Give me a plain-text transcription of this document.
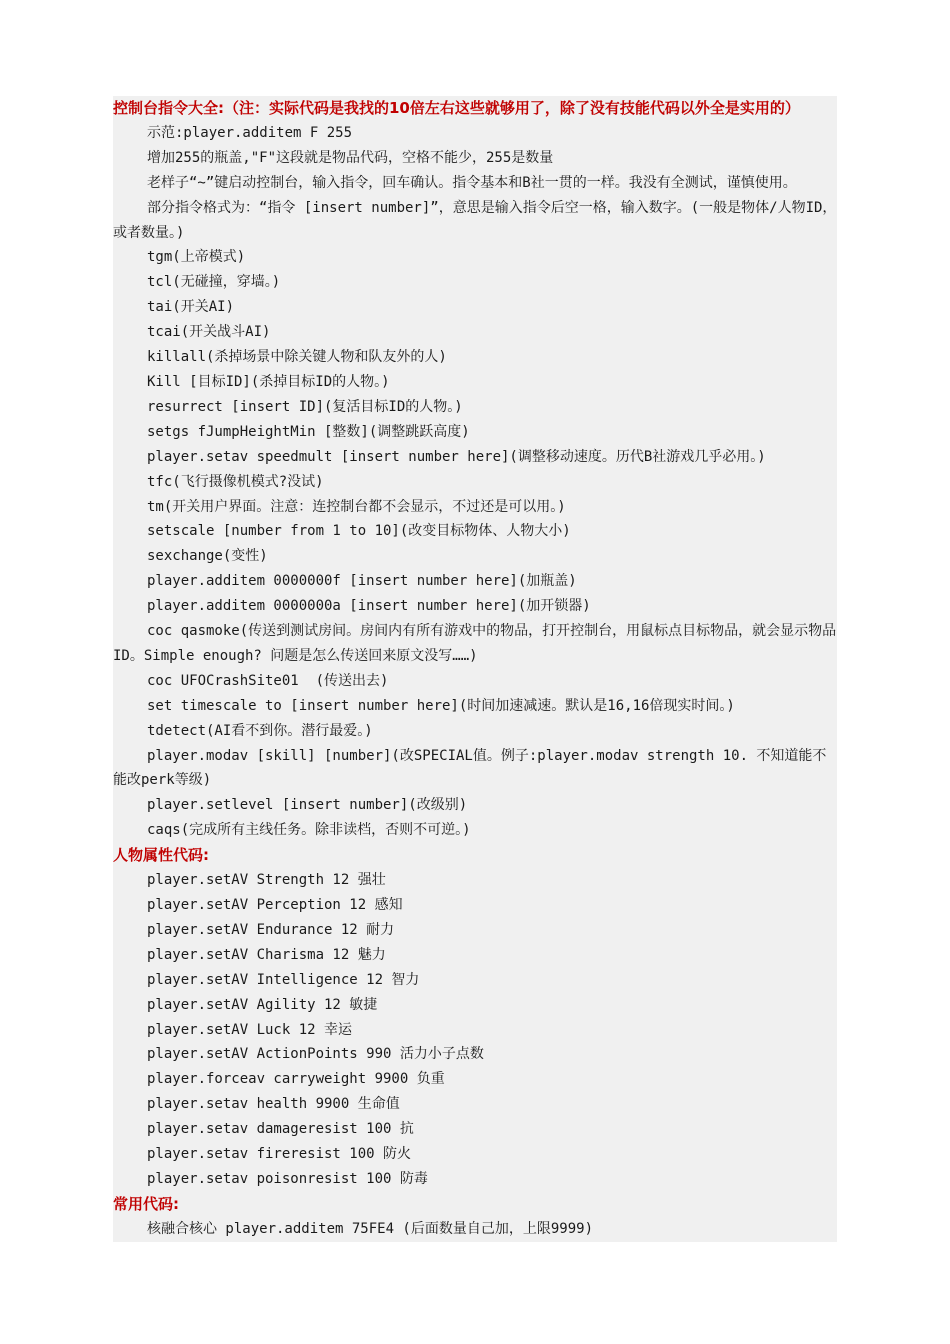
控制台指令大全:（注：实际代码是我找的10倍左右这些就够用了，除了没有技能代码以外全是实用的）
示范:player.additem F 255
增加255的瓶盖,"F"这段就是物品代码，空格不能少，255是数量
老样子“~”键启动控制台，输入指令，回车确认。指令基本和B社一贯的一样。我没有全测试，谨慎使用。
部分指令格式为：“指令 [insert number]”，意思是输入指令后空一格，输入数字。(一般是物体/人物ID，或者数量。)
tgm(上帝模式)
tcl(无碰撞，穿墙。)
tai(开关AI)
tcai(开关战斗AI)
killall(杀掉场景中除关键人物和队友外的人)
Kill [目标ID](杀掉目标ID的人物。)
resurrect [insert ID](复活目标ID的人物。)
setgs fJumpHeightMin [整数](调整跳跃高度)
player.setav speedmult [insert number here](调整移动速度。历代B社游戏几乎必用。)
tfc(飞行摄像机模式?没试)
tm(开关用户界面。注意：连控制台都不会显示，不过还是可以用。)
setscale [number from 1 to 10](改变目标物体、人物大小)
sexchange(变性)
player.additem 0000000f [insert number here](加瓶盖)
player.additem 0000000a [insert number here](加开锁器)
coc qasmoke(传送到测试房间。房间内有所有游戏中的物品，打开控制台，用鼠标点目标物品，就会显示物品ID。Simple enough? 问题是怎么传送回来原文没写……)
coc UFOCrashSite01  (传送出去)
set timescale to [insert number here](时间加速减速。默认是16,16倍现实时间。)
tdetect(AI看不到你。潜行最爱。)
player.modav [skill] [number](改SPECIAL值。例子:player.modav strength 10. 不知道能不能改perk等级)
player.setlevel [insert number](改级别)
caqs(完成所有主线任务。除非读档，否则不可逆。)
人物属性代码:
player.setAV Strength 12 强壮
player.setAV Perception 12 感知
player.setAV Endurance 12 耐力
player.setAV Charisma 12 魅力
player.setAV Intelligence 12 智力
player.setAV Agility 12 敏捷
player.setAV Luck 12 幸运
player.setAV ActionPoints 990 活力小子点数
player.forceav carryweight 9900 负重
player.setav health 9900 生命值
player.setav damageresist 100 抗
player.setav fireresist 100 防火
player.setav poisonresist 100 防毒
常用代码:
核融合核心 player.additem 75FE4 (后面数量自己加，上限9999)
